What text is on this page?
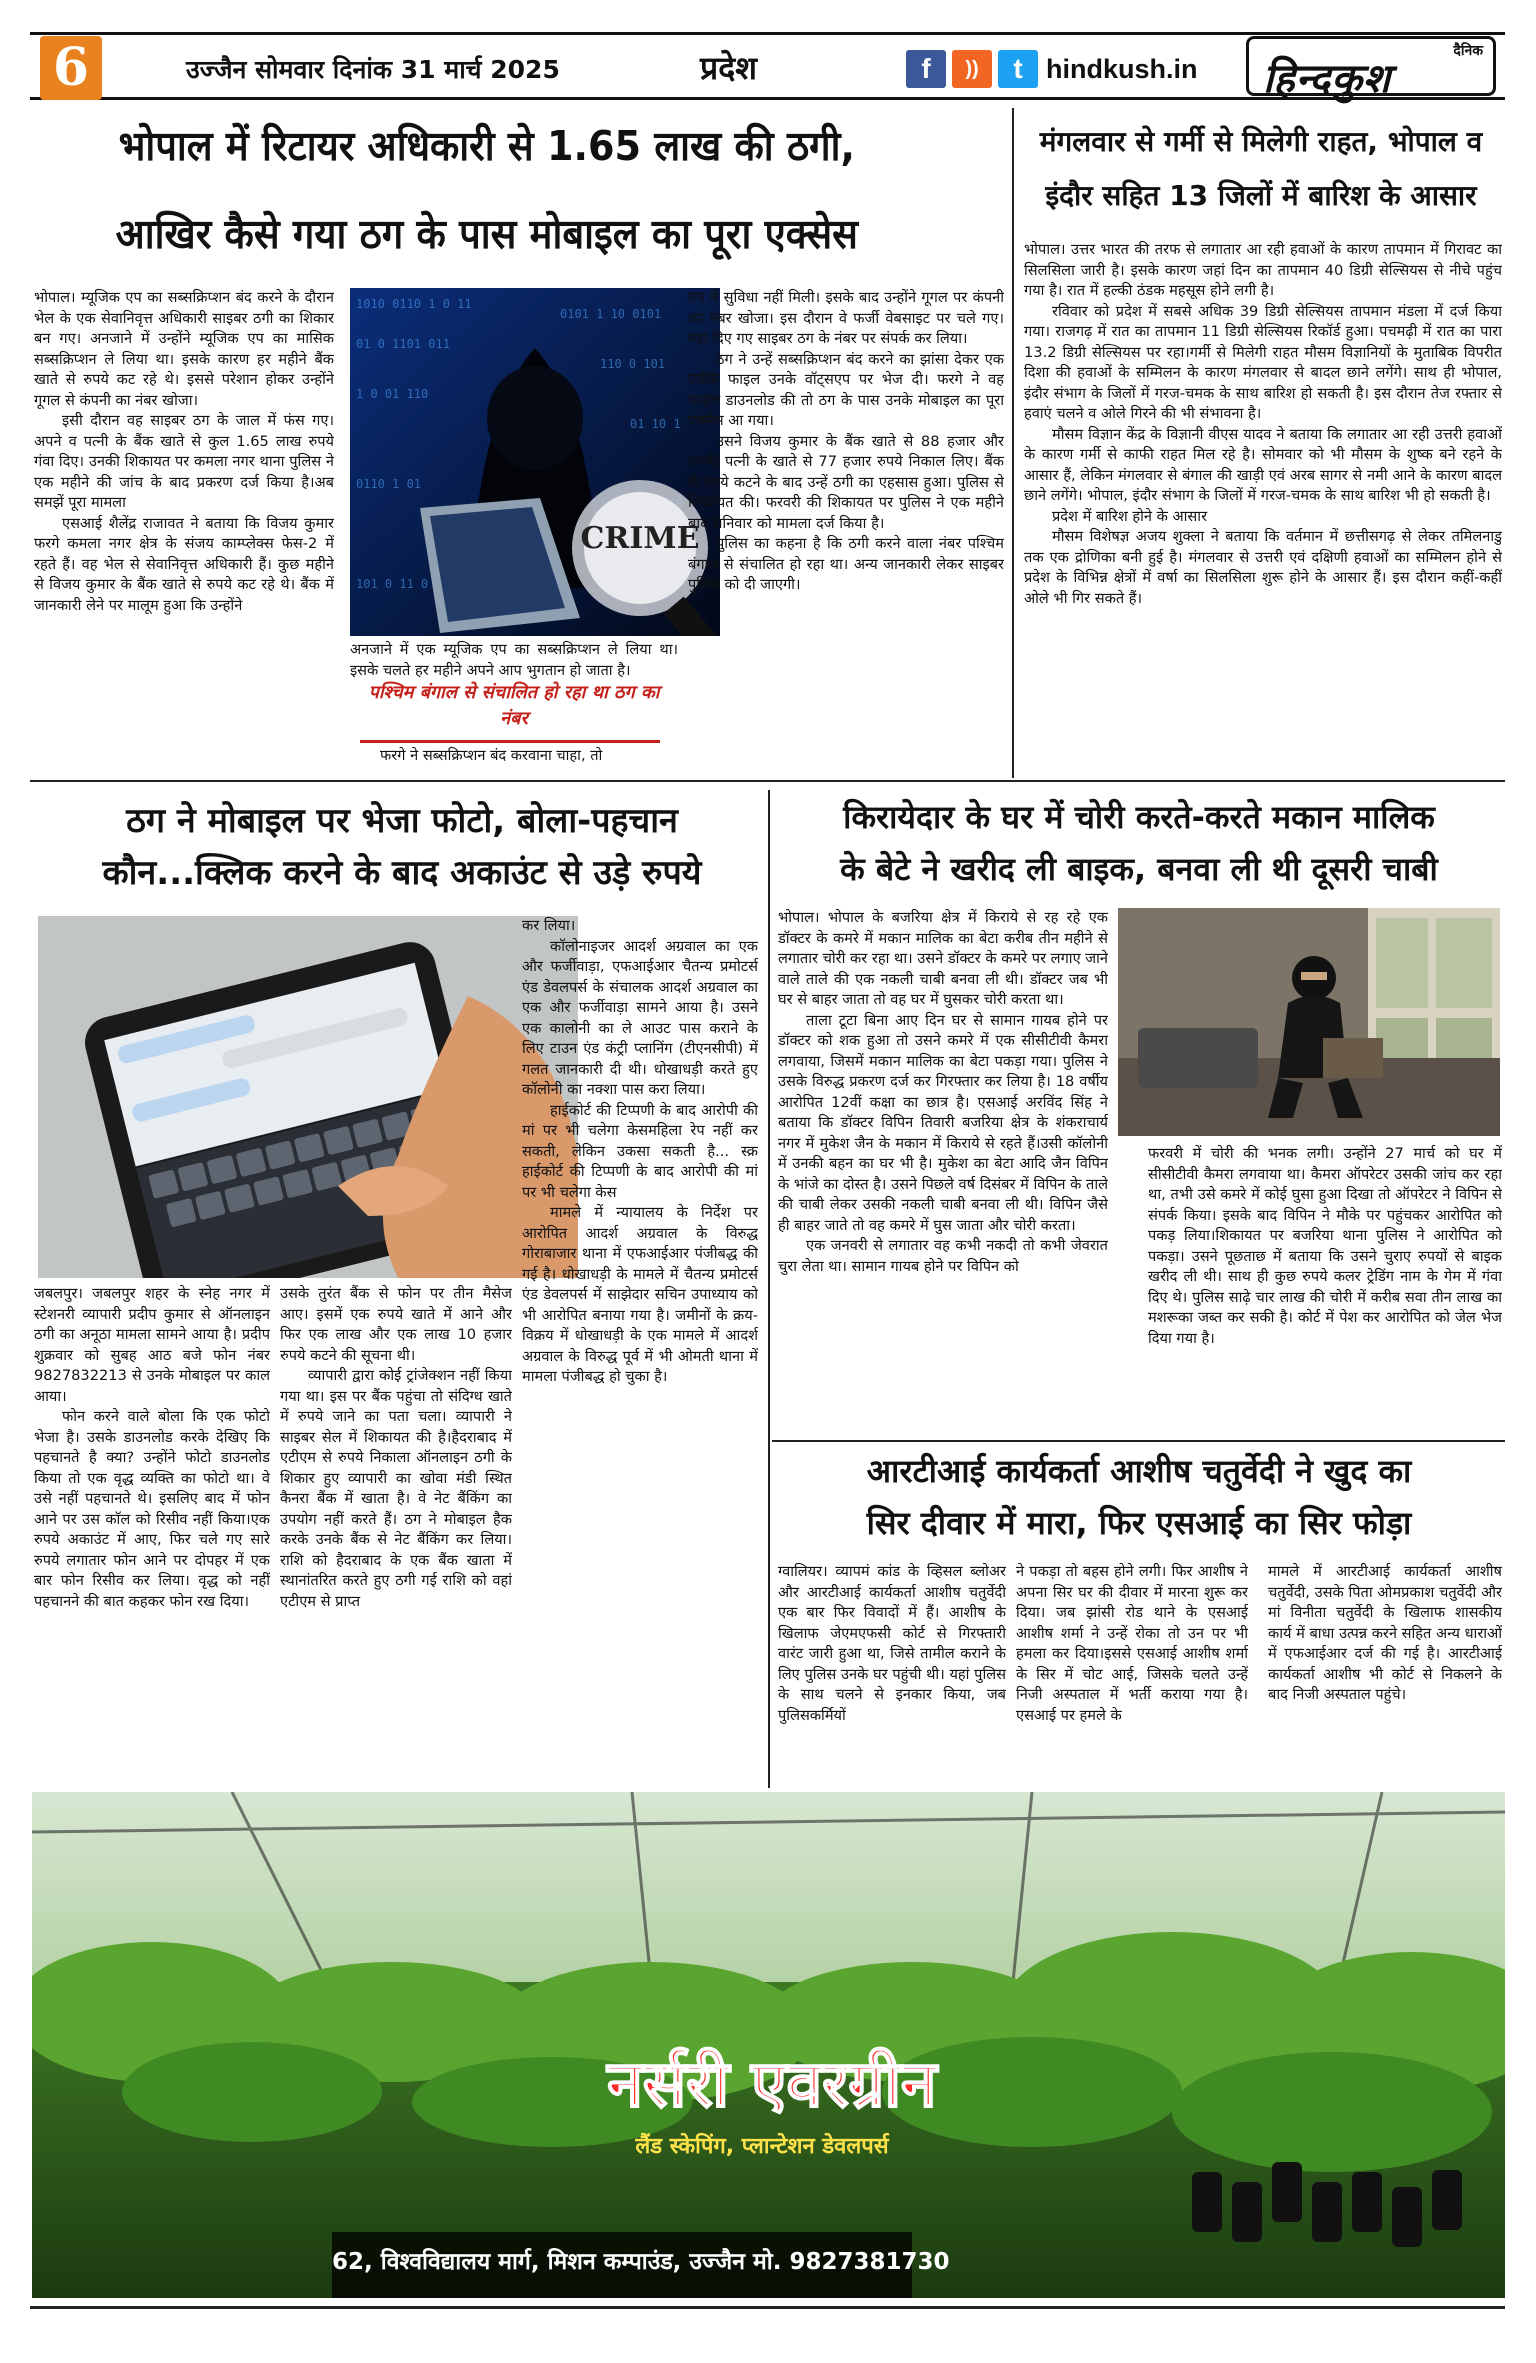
6	उज्जैन सोमवार दिनांक 31 मार्च 2025	प्रदेश	f	))	t hindkush.in
दैनिक
हिन्दकुश
भोपाल में रिटायर अधिकारी से 1.65 लाख की ठगी,
आखिर कैसे गया ठग के पास मोबाइल का पूरा एक्सेस

भोपाल। म्यूजिक एप का सब्सक्रिप्शन बंद करने के दौरान भेल के एक सेवानिवृत्त अधिकारी साइबर ठगी का शिकार बन गए। अनजाने में उन्होंने म्यूजिक एप का मासिक सब्सक्रिप्शन ले लिया था। इसके कारण हर महीने बैंक खाते से रुपये कट रहे थे। इससे परेशान होकर उन्होंने गूगल से कंपनी का नंबर खोजा।

इसी दौरान वह साइबर ठग के जाल में फंस गए। अपने व पत्नी के बैंक खाते से कुल 1.65 लाख रुपये गंवा दिए। उनकी शिकायत पर कमला नगर थाना पुलिस ने एक महीने की जांच के बाद प्रकरण दर्ज किया है।अब समझें पूरा मामला

एसआई शैलेंद्र राजावत ने बताया कि विजय कुमार फरगे कमला नगर क्षेत्र के संजय काम्प्लेक्स फेस-2 में रहते हैं। वह भेल से सेवानिवृत्त अधिकारी हैं। कुछ महीने से विजय कुमार के बैंक खाते से रुपये कट रहे थे। बैंक में जानकारी लेने पर मालूम हुआ कि उन्होंने

1010 0110 1 0 11
0101 1 10 0101
01 0 1101 011
110 0 101
1 0 01 110
01 10 1
0110 1 01
101 0 11 0
CRIME

अनजाने में एक म्यूजिक एप का सब्सक्रिप्शन ले लिया था। इसके चलते हर महीने अपने आप भुगतान हो जाता है।

पश्चिम बंगाल से संचालित हो रहा था ठग का नंबर

फरगे ने सब्सक्रिप्शन बंद करवाना चाहा, तो

एप में सुविधा नहीं मिली। इसके बाद उन्होंने गूगल पर कंपनी का नंबर खोजा। इस दौरान वे फर्जी वेबसाइट पर चले गए। वहां दिए गए साइबर ठग के नंबर पर संपर्क कर लिया।

ठग ने उन्हें सब्सक्रिप्शन बंद करने का झांसा देकर एक एपीके फाइल उनके वॉट्सएप पर भेज दी। फरगे ने वह फाइल डाउनलोड की तो ठग के पास उनके मोबाइल का पूरा एक्सेस आ गया।

उसने विजय कुमार के बैंक खाते से 88 हजार और उनकी पत्नी के खाते से 77 हजार रुपये निकाल लिए। बैंक से रुपये कटने के बाद उन्हें ठगी का एहसास हुआ। पुलिस से शिकायत की। फरवरी की शिकायत पर पुलिस ने एक महीने बाद शनिवार को मामला दर्ज किया है।

पुलिस का कहना है कि ठगी करने वाला नंबर पश्चिम बंगाल से संचालित हो रहा था। अन्य जानकारी लेकर साइबर पुलिस को दी जाएगी।

मंगलवार से गर्मी से मिलेगी राहत, भोपाल व
इंदौर सहित 13 जिलों में बारिश के आसार

भोपाल। उत्तर भारत की तरफ से लगातार आ रही हवाओं के कारण तापमान में गिरावट का सिलसिला जारी है। इसके कारण जहां दिन का तापमान 40 डिग्री सेल्सियस से नीचे पहुंच गया है। रात में हल्की ठंडक महसूस होने लगी है।

रविवार को प्रदेश में सबसे अधिक 39 डिग्री सेल्सियस तापमान मंडला में दर्ज किया गया। राजगढ़ में रात का तापमान 11 डिग्री सेल्सियस रिकॉर्ड हुआ। पचमढ़ी में रात का पारा 13.2 डिग्री सेल्सियस पर रहा।गर्मी से मिलेगी राहत मौसम विज्ञानियों के मुताबिक विपरीत दिशा की हवाओं के सम्मिलन के कारण मंगलवार से बादल छाने लगेंगे। साथ ही भोपाल, इंदौर संभाग के जिलों में गरज-चमक के साथ बारिश हो सकती है। इस दौरान तेज रफ्तार से हवाएं चलने व ओले गिरने की भी संभावना है।

मौसम विज्ञान केंद्र के विज्ञानी वीएस यादव ने बताया कि लगातार आ रही उत्तरी हवाओं के कारण गर्मी से काफी राहत मिल रहे है। सोमवार को भी मौसम के शुष्क बने रहने के आसार हैं, लेकिन मंगलवार से बंगाल की खाड़ी एवं अरब सागर से नमी आने के कारण बादल छाने लगेंगे। भोपाल, इंदौर संभाग के जिलों में गरज-चमक के साथ बारिश भी हो सकती है।

प्रदेश में बारिश होने के आसार

मौसम विशेषज्ञ अजय शुक्ला ने बताया कि वर्तमान में छत्तीसगढ़ से लेकर तमिलनाडु तक एक द्रोणिका बनी हुई है। मंगलवार से उत्तरी एवं दक्षिणी हवाओं का सम्मिलन होने से प्रदेश के विभिन्न क्षेत्रों में वर्षा का सिलसिला शुरू होने के आसार हैं। इस दौरान कहीं-कहीं ओले भी गिर सकते हैं।

ठग ने मोबाइल पर भेजा फोटो, बोला-पहचान
कौन...क्लिक करने के बाद अकाउंट से उड़े रुपये

जबलपुर। जबलपुर शहर के स्नेह नगर में स्टेशनरी व्यापारी प्रदीप कुमार से ऑनलाइन ठगी का अनूठा मामला सामने आया है। प्रदीप शुक्रवार को सुबह आठ बजे फोन नंबर 9827832213 से उनके मोबाइल पर काल आया।

फोन करने वाले बोला कि एक फोटो भेजा है। उसके डाउनलोड करके देखिए कि पहचानते है क्या? उन्होंने फोटो डाउनलोड किया तो एक वृद्ध व्यक्ति का फोटो था। वे उसे नहीं पहचानते थे। इसलिए बाद में फोन आने पर उस काॅल को रिसीव नहीं किया।एक रुपये अकाउंट में आए, फिर चले गए सारे रुपये लगातार फोन आने पर दोपहर में एक बार फोन रिसीव कर लिया। वृद्ध को नहीं पहचानने की बात कहकर फोन रख दिया।

उसके तुरंत बैंक से फोन पर तीन मैसेज आए। इसमें एक रुपये खाते में आने और फिर एक लाख और एक लाख 10 हजार रुपये कटने की सूचना थी।

व्यापारी द्वारा कोई ट्रांजेक्शन नहीं किया गया था। इस पर बैंक पहुंचा तो संदिग्ध खाते में रुपये जाने का पता चला। व्यापारी ने साइबर सेल में शिकायत की है।हैदराबाद में एटीएम से रुपये निकाला ऑनलाइन ठगी के शिकार हुए व्यापारी का खोवा मंडी स्थित कैनरा बैंक में खाता है। वे नेट बैंकिंग का उपयोग नहीं करते हैं। ठग ने मोबाइल हैक करके उनके बैंक से नेट बैंकिंग कर लिया। राशि को हैदराबाद के एक बैंक खाता में स्थानांतरित करते हुए ठगी गई राशि को वहां एटीएम से प्राप्त

कर लिया।

कॉलोनाइजर आदर्श अग्रवाल का एक और फर्जीवाड़ा, एफआईआर चैतन्य प्रमोटर्स एंड डेवलपर्स के संचालक आदर्श अग्रवाल का एक और फर्जीवाड़ा सामने आया है। उसने एक कालोनी का ले आउट पास कराने के लिए टाउन एंड कंट्री प्लानिंग (टीएनसीपी) में गलत जानकारी दी थी। धोखाधड़ी करते हुए कॉलोनी का नक्शा पास करा लिया।

हाईकोर्ट की टिप्पणी के बाद आरोपी की मां पर भी चलेगा केसमहिला रेप नहीं कर सकती, लेकिन उकसा सकती है... स्क्र हाईकोर्ट की टिप्पणी के बाद आरोपी की मां पर भी चलेगा केस

मामले में न्यायालय के निर्देश पर आरोपित आदर्श अग्रवाल के विरुद्ध गोराबाजार थाना में एफआईआर पंजीबद्ध की गई है। धोखाधड़ी के मामले में चैतन्य प्रमोटर्स एंड डेवलपर्स में साझेदार सचिन उपाध्याय को भी आरोपित बनाया गया है। जमीनों के क्रय-विक्रय में धोखाधड़ी के एक मामले में आदर्श अग्रवाल के विरुद्ध पूर्व में भी ओमती थाना में मामला पंजीबद्ध हो चुका है।

किरायेदार के घर में चोरी करते-करते मकान मालिक
के बेटे ने खरीद ली बाइक, बनवा ली थी दूसरी चाबी

भोपाल। भोपाल के बजरिया क्षेत्र में किराये से रह रहे एक डॉक्टर के कमरे में मकान मालिक का बेटा करीब तीन महीने से लगातार चोरी कर रहा था। उसने डॉक्टर के कमरे पर लगाए जाने वाले ताले की एक नकली चाबी बनवा ली थी। डॉक्टर जब भी घर से बाहर जाता तो वह घर में घुसकर चोरी करता था।

ताला टूटा बिना आए दिन घर से सामान गायब होने पर डॉक्टर को शक हुआ तो उसने कमरे में एक सीसीटीवी कैमरा लगवाया, जिसमें मकान मालिक का बेटा पकड़ा गया। पुलिस ने उसके विरुद्ध प्रकरण दर्ज कर गिरफ्तार कर लिया है। 18 वर्षीय आरोपित 12वीं कक्षा का छात्र है। एसआई अरविंद सिंह ने बताया कि डॉक्टर विपिन तिवारी बजरिया क्षेत्र के शंकराचार्य नगर में मुकेश जैन के मकान में किराये से रहते हैं।उसी कॉलोनी में उनकी बहन का घर भी है। मुकेश का बेटा आदि जैन विपिन के भांजे का दोस्त है। उसने पिछले वर्ष दिसंबर में विपिन के ताले की चाबी लेकर उसकी नकली चाबी बनवा ली थी। विपिन जैसे ही बाहर जाते तो वह कमरे में घुस जाता और चोरी करता।

एक जनवरी से लगातार वह कभी नकदी तो कभी जेवरात चुरा लेता था। सामान गायब होने पर विपिन को

फरवरी में चोरी की भनक लगी। उन्होंने 27 मार्च को घर में सीसीटीवी कैमरा लगवाया था। कैमरा ऑपरेटर उसकी जांच कर रहा था, तभी उसे कमरे में कोई घुसा हुआ दिखा तो ऑपरेटर ने विपिन से संपर्क किया। इसके बाद विपिन ने मौके पर पहुंचकर आरोपित को पकड़ लिया।शिकायत पर बजरिया थाना पुलिस ने आरोपित को पकड़ा। उसने पूछताछ में बताया कि उसने चुराए रुपयों से बाइक खरीद ली थी। साथ ही कुछ रुपये कलर ट्रेडिंग नाम के गेम में गंवा दिए थे। पुलिस साढ़े चार लाख की चोरी में करीब सवा तीन लाख का मशरूका जब्त कर सकी है। कोर्ट में पेश कर आरोपित को जेल भेज दिया गया है।

आरटीआई कार्यकर्ता आशीष चतुर्वेदी ने खुद का
सिर दीवार में मारा, फिर एसआई का सिर फोड़ा

ग्वालियर। व्यापमं कांड के व्हिसल ब्लोअर और आरटीआई कार्यकर्ता आशीष चतुर्वेदी एक बार फिर विवादों में हैं। आशीष के खिलाफ जेएमएफसी कोर्ट से गिरफ्तारी वारंट जारी हुआ था, जिसे तामील कराने के लिए पुलिस उनके घर पहुंची थी। यहां पुलिस के साथ चलने से इनकार किया, जब पुलिसकर्मियों

ने पकड़ा तो बहस होने लगी। फिर आशीष ने अपना सिर घर की दीवार में मारना शुरू कर दिया। जब झांसी रोड थाने के एसआई आशीष शर्मा ने उन्हें रोका तो उन पर भी हमला कर दिया।इससे एसआई आशीष शर्मा के सिर में चोट आई, जिसके चलते उन्हें निजी अस्पताल में भर्ती कराया गया है। एसआई पर हमले के

मामले में आरटीआई कार्यकर्ता आशीष चतुर्वेदी, उसके पिता ओमप्रकाश चतुर्वेदी और मां विनीता चतुर्वेदी के खिलाफ शासकीय कार्य में बाधा उत्पन्न करने सहित अन्य धाराओं में एफआईआर दर्ज की गई है। आरटीआई कार्यकर्ता आशीष भी कोर्ट से निकलने के बाद निजी अस्पताल पहुंचे।

नर्सरी एवरग्रीन
लैंड स्केपिंग, प्लान्टेशन डेवलपर्स
62, विश्वविद्यालय मार्ग, मिशन कम्पाउंड, उज्जैन मो. 9827381730
